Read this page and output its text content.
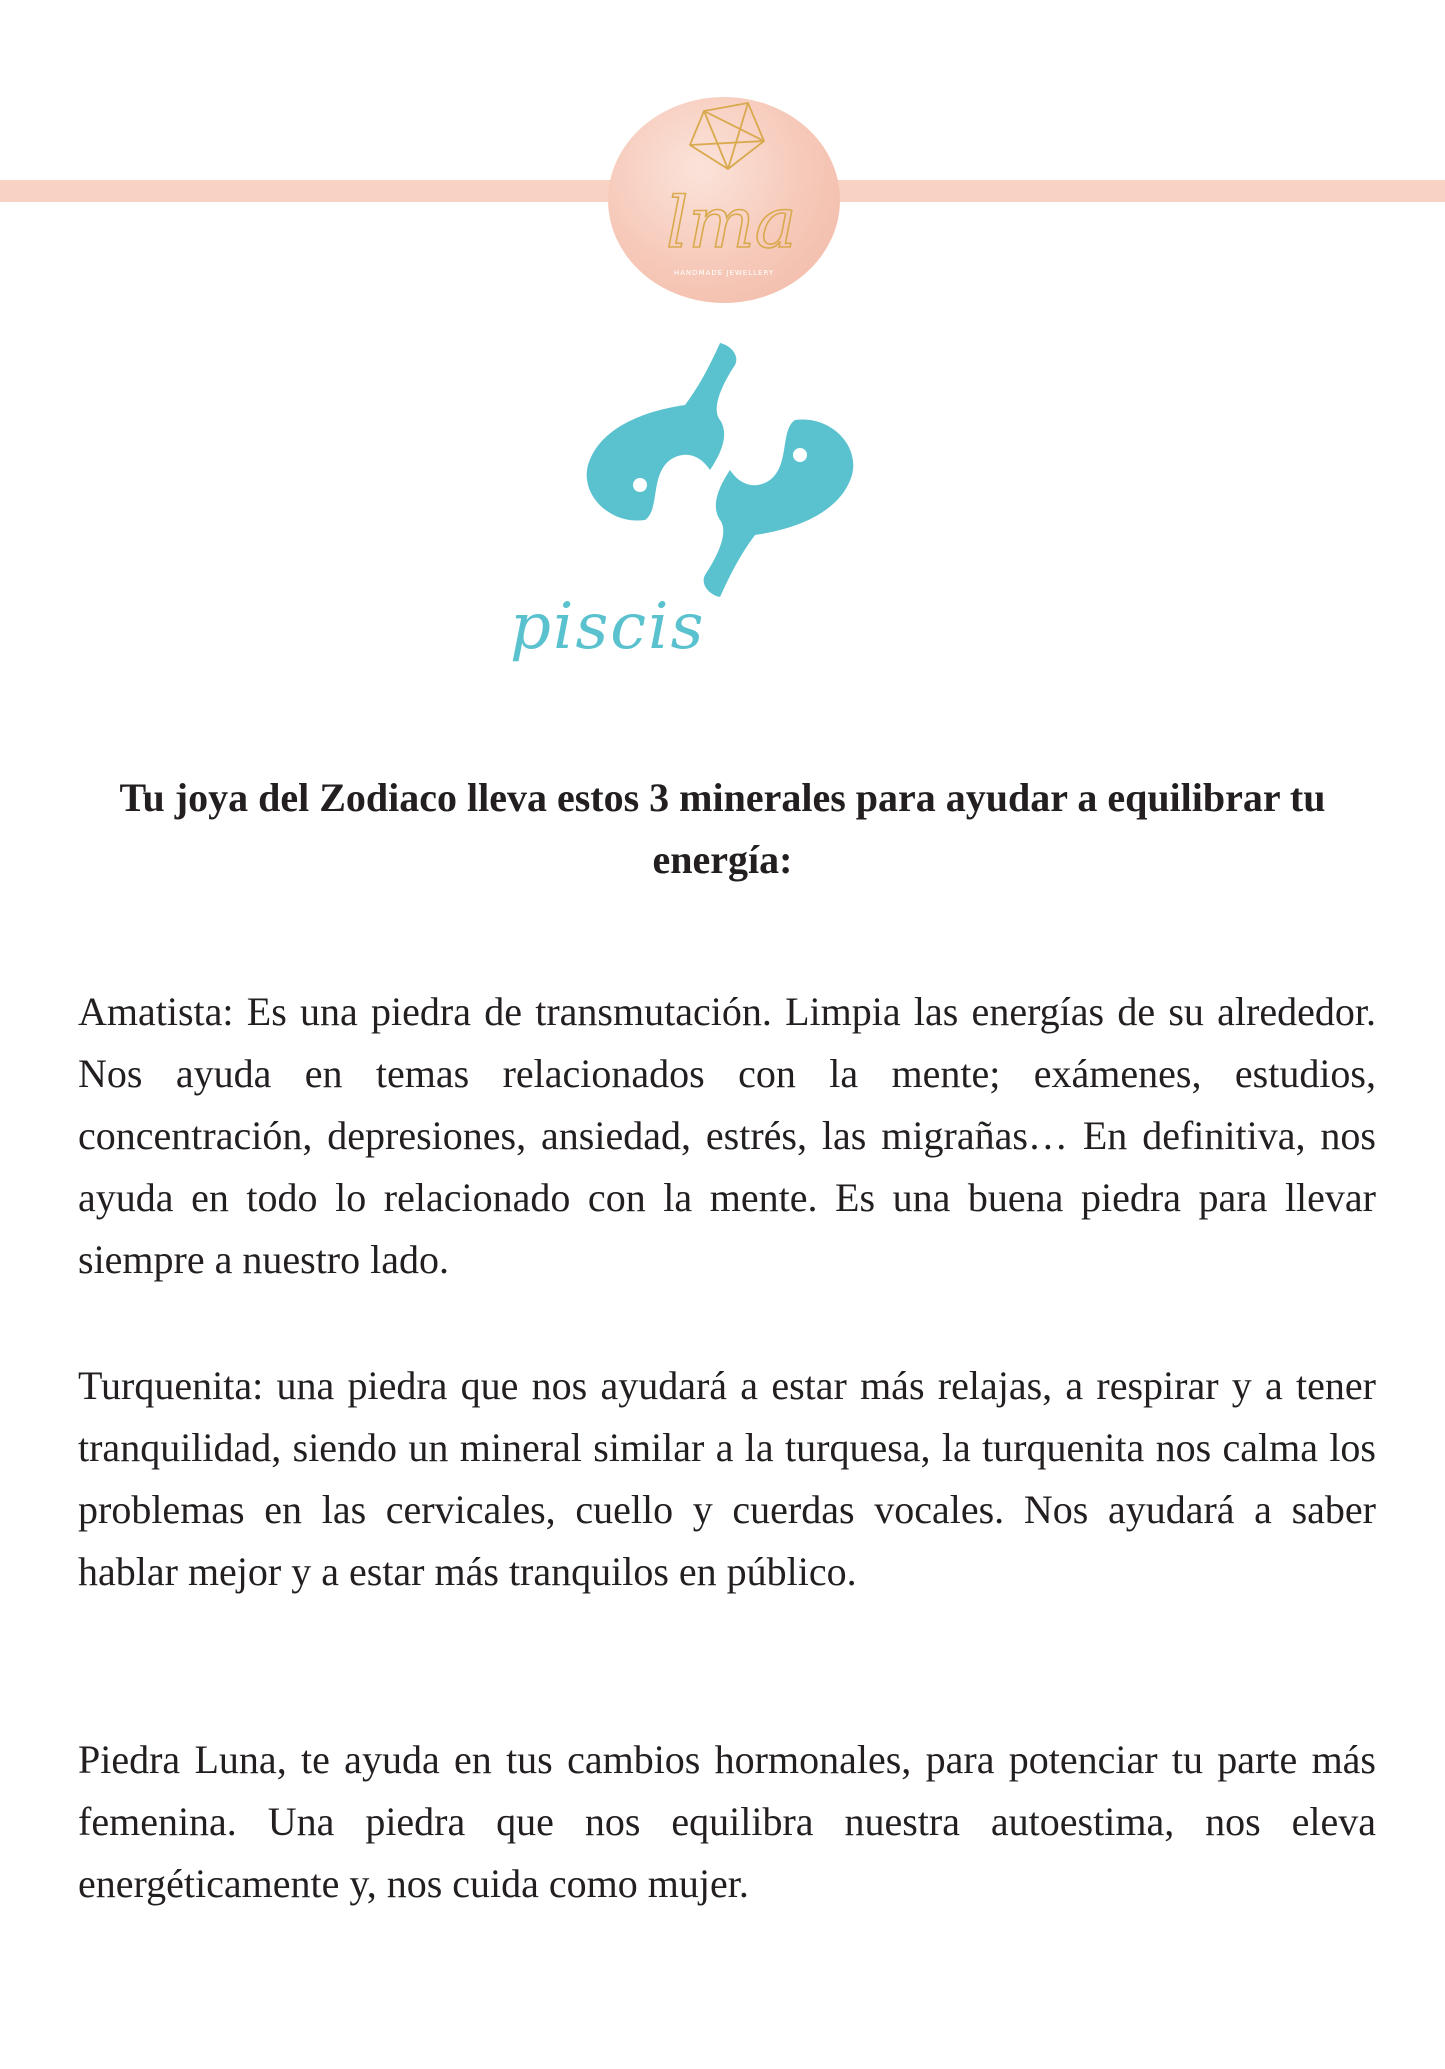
lma
HANDMADE JEWELLERY
piscis
Tu joya del Zodiaco lleva estos 3 minerales para ayudar a equilibrar tu energía:

Amatista: Es una piedra de transmutación. Limpia las energías de su alrededor. Nos ayuda en temas relacionados con la mente; exámenes, estudios, concentración, depresiones, ansiedad, estrés, las migrañas… En definitiva, nos ayuda en todo lo relacionado con la mente. Es una buena piedra para llevar siempre a nuestro lado.

Turquenita: una piedra que nos ayudará a estar más relajas, a respirar y a tener tranquilidad, siendo un mineral similar a la turquesa, la turquenita nos calma los problemas en las cervicales, cuello y cuerdas vocales. Nos ayudará a saber hablar mejor y a estar más tranquilos en público.

Piedra Luna, te ayuda en tus cambios hormonales, para potenciar tu parte más femenina. Una piedra que nos equilibra nuestra autoestima, nos eleva energéticamente y, nos cuida como mujer.
